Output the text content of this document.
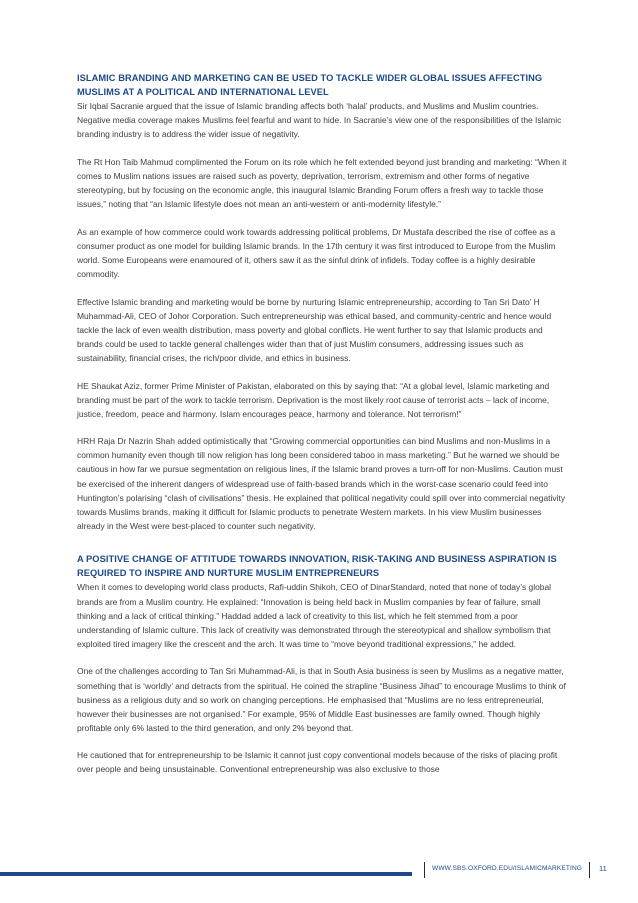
ISLAMIC BRANDING AND MARKETING CAN BE USED TO TACKLE WIDER GLOBAL ISSUES AFFECTING MUSLIMS AT A POLITICAL AND INTERNATIONAL LEVEL

Sir Iqbal Sacranie argued that the issue of Islamic branding affects both ‘halal’ products, and Muslims and Muslim countries. Negative media coverage makes Muslims feel fearful and want to hide. In Sacranie’s view one of the responsibilities of the Islamic branding industry is to address the wider issue of negativity.

The Rt Hon Taib Mahmud complimented the Forum on its role which he felt extended beyond just branding and marketing: “When it comes to Muslim nations issues are raised such as poverty, deprivation, terrorism, extremism and other forms of negative stereotyping, but by focusing on the economic angle, this inaugural Islamic Branding Forum offers a fresh way to tackle those issues,” noting that “an Islamic lifestyle does not mean an anti-western or anti-modernity lifestyle.”

As an example of how commerce could work towards addressing political problems, Dr Mustafa described the rise of coffee as a consumer product as one model for building Islamic brands. In the 17th century it was first introduced to Europe from the Muslim world. Some Europeans were enamoured of it, others saw it as the sinful drink of infidels. Today coffee is a highly desirable commodity.

Effective Islamic branding and marketing would be borne by nurturing Islamic entrepreneurship, according to Tan Sri Dato’ H Muhammad-Ali, CEO of Johor Corporation. Such entrepreneurship was ethical based, and community-centric and hence would tackle the lack of even wealth distribution, mass poverty and global conflicts. He went further to say that Islamic products and brands could be used to tackle general challenges wider than that of just Muslim consumers, addressing issues such as sustainability, financial crises, the rich/poor divide, and ethics in business.

HE Shaukat Aziz, former Prime Minister of Pakistan, elaborated on this by saying that: “At a global level, Islamic marketing and branding must be part of the work to tackle terrorism. Deprivation is the most likely root cause of terrorist acts – lack of income, justice, freedom, peace and harmony. Islam encourages peace, harmony and tolerance. Not terrorism!”

HRH Raja Dr Nazrin Shah added optimistically that “Growing commercial opportunities can bind Muslims and non-Muslims in a common humanity even though till now religion has long been considered taboo in mass marketing.” But he warned we should be cautious in how far we pursue segmentation on religious lines, if the Islamic brand proves a turn-off for non-Muslims. Caution must be exercised of the inherent dangers of widespread use of faith-based brands which in the worst-case scenario could feed into Huntington’s polarising “clash of civilisations” thesis. He explained that political negativity could spill over into commercial negativity towards Muslims brands, making it difficult for Islamic products to penetrate Western markets. In his view Muslim businesses already in the West were best-placed to counter such negativity.

A POSITIVE CHANGE OF ATTITUDE TOWARDS INNOVATION, RISK-TAKING AND BUSINESS ASPIRATION IS REQUIRED TO INSPIRE AND NURTURE MUSLIM ENTREPRENEURS

When it comes to developing world class products, Rafi-uddin Shikoh, CEO of DinarStandard, noted that none of today’s global brands are from a Muslim country. He explained: “Innovation is being held back in Muslim companies by fear of failure, small thinking and a lack of critical thinking.” Haddad added a lack of creativity to this list, which he felt stemmed from a poor understanding of Islamic culture. This lack of creativity was demonstrated through the stereotypical and shallow symbolism that exploited tired imagery like the crescent and the arch. It was time to “move beyond traditional expressions,” he added.

One of the challenges according to Tan Sri Muhammad-Ali, is that in South Asia business is seen by Muslims as a negative matter, something that is ‘worldly’ and detracts from the spiritual. He coined the strapline “Business Jihad” to encourage Muslims to think of business as a religious duty and so work on changing perceptions. He emphasised that “Muslims are no less entrepreneurial, however their businesses are not organised.” For example, 95% of Middle East businesses are family owned. Though highly profitable only 6% lasted to the third generation, and only 2% beyond that.

He cautioned that for entrepreneurship to be Islamic it cannot just copy conventional models because of the risks of placing profit over people and being unsustainable. Conventional entrepreneurship was also exclusive to those

WWW.SBS.OXFORD.EDU/ISLAMICMARKETING 11
